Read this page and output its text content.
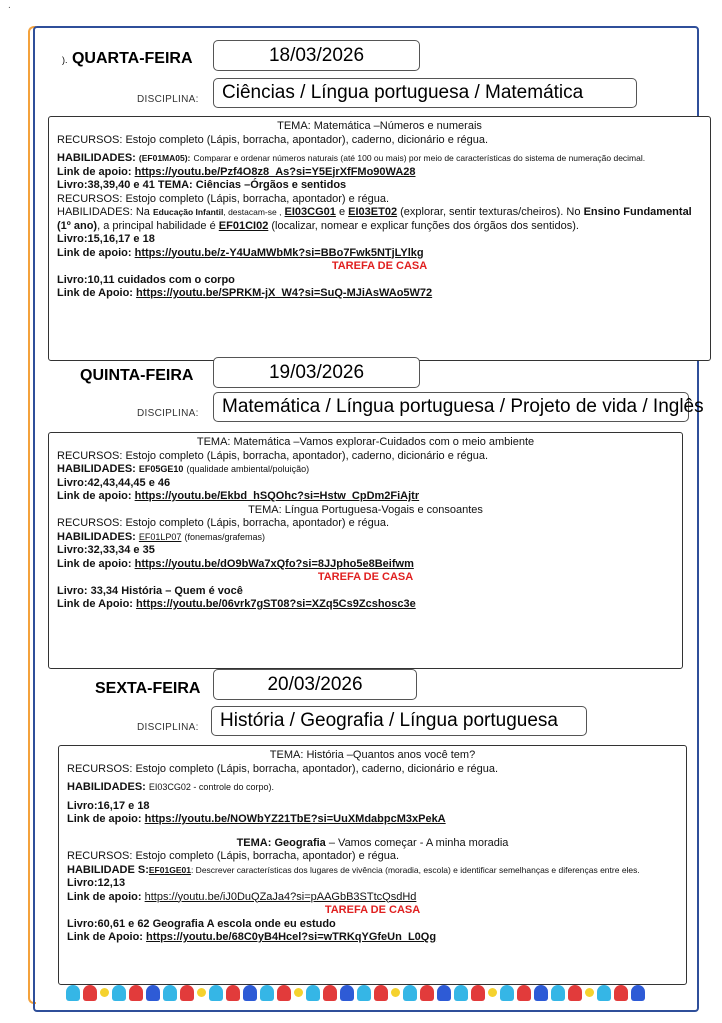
.
). QUARTA-FEIRA	18/03/2026
DISCIPLINA:	Ciências / Língua portuguesa / Matemática
TEMA: Matemática –Números e numerais
RECURSOS: Estojo completo (Lápis, borracha, apontador), caderno, dicionário e régua.
HABILIDADES: (EF01MA05): Comparar e ordenar números naturais (até 100 ou mais) por meio de características do sistema de numeração decimal.
Link de apoio: https://youtu.be/Pzf4O8z8_As?si=Y5EjrXfFMo90WA28
Livro:38,39,40 e 41 TEMA: Ciências –Órgãos e sentidos
RECURSOS: Estojo completo (Lápis, borracha, apontador) e régua.
HABILIDADES: Na Educação Infantil, destacam-se , EI03CG01 e EI03ET02 (explorar, sentir texturas/cheiros). No Ensino Fundamental (1º ano), a principal habilidade é EF01CI02 (localizar, nomear e explicar funções dos órgãos dos sentidos).
Livro:15,16,17 e 18
Link de apoio: https://youtu.be/z-Y4UaMWbMk?si=BBo7Fwk5NTjLYlkg
TAREFA DE CASA
Livro:10,11 cuidados com o corpo
Link de Apoio: https://youtu.be/SPRKM-jX_W4?si=SuQ-MJiAsWAo5W72
QUINTA-FEIRA	19/03/2026
DISCIPLINA:	Matemática / Língua portuguesa / Projeto de vida / Inglês
TEMA: Matemática –Vamos explorar-Cuidados com o meio ambiente
RECURSOS: Estojo completo (Lápis, borracha, apontador), caderno, dicionário e régua.
HABILIDADES: EF05GE10 (qualidade ambiental/poluição)
Livro:42,43,44,45 e 46
Link de apoio: https://youtu.be/Ekbd_hSQOhc?si=Hstw_CpDm2FiAjtr
TEMA: Língua Portuguesa-Vogais e consoantes
RECURSOS: Estojo completo (Lápis, borracha, apontador) e régua.
HABILIDADES: EF01LP07 (fonemas/grafemas)
Livro:32,33,34 e 35
Link de apoio: https://youtu.be/dO9bWa7xQfo?si=8JJpho5e8Beifwm
TAREFA DE CASA
Livro: 33,34 História – Quem é você
Link de Apoio: https://youtu.be/06vrk7gST08?si=XZq5Cs9Zcshosc3e
SEXTA-FEIRA	20/03/2026
DISCIPLINA:	História / Geografia / Língua portuguesa
TEMA: História –Quantos anos você tem?
RECURSOS: Estojo completo (Lápis, borracha, apontador), caderno, dicionário e régua.
HABILIDADES: EI03CG02 - controle do corpo).
Livro:16,17 e 18
Link de apoio: https://youtu.be/NOWbYZ21TbE?si=UuXMdabpcM3xPekA
TEMA: Geografia – Vamos começar - A minha moradia
RECURSOS: Estojo completo (Lápis, borracha, apontador) e régua.
HABILIDADE S:EF01GE01: Descrever características dos lugares de vivência (moradia, escola) e identificar semelhanças e diferenças entre eles.
Livro:12,13
Link de apoio: https://youtu.be/iJ0DuQZaJa4?si=pAAGbB3STtcQsdHd
TAREFA DE CASA
Livro:60,61 e 62 Geografia A escola onde eu estudo
Link de Apoio: https://youtu.be/68C0yB4Hcel?si=wTRKqYGfeUn_L0Qg
